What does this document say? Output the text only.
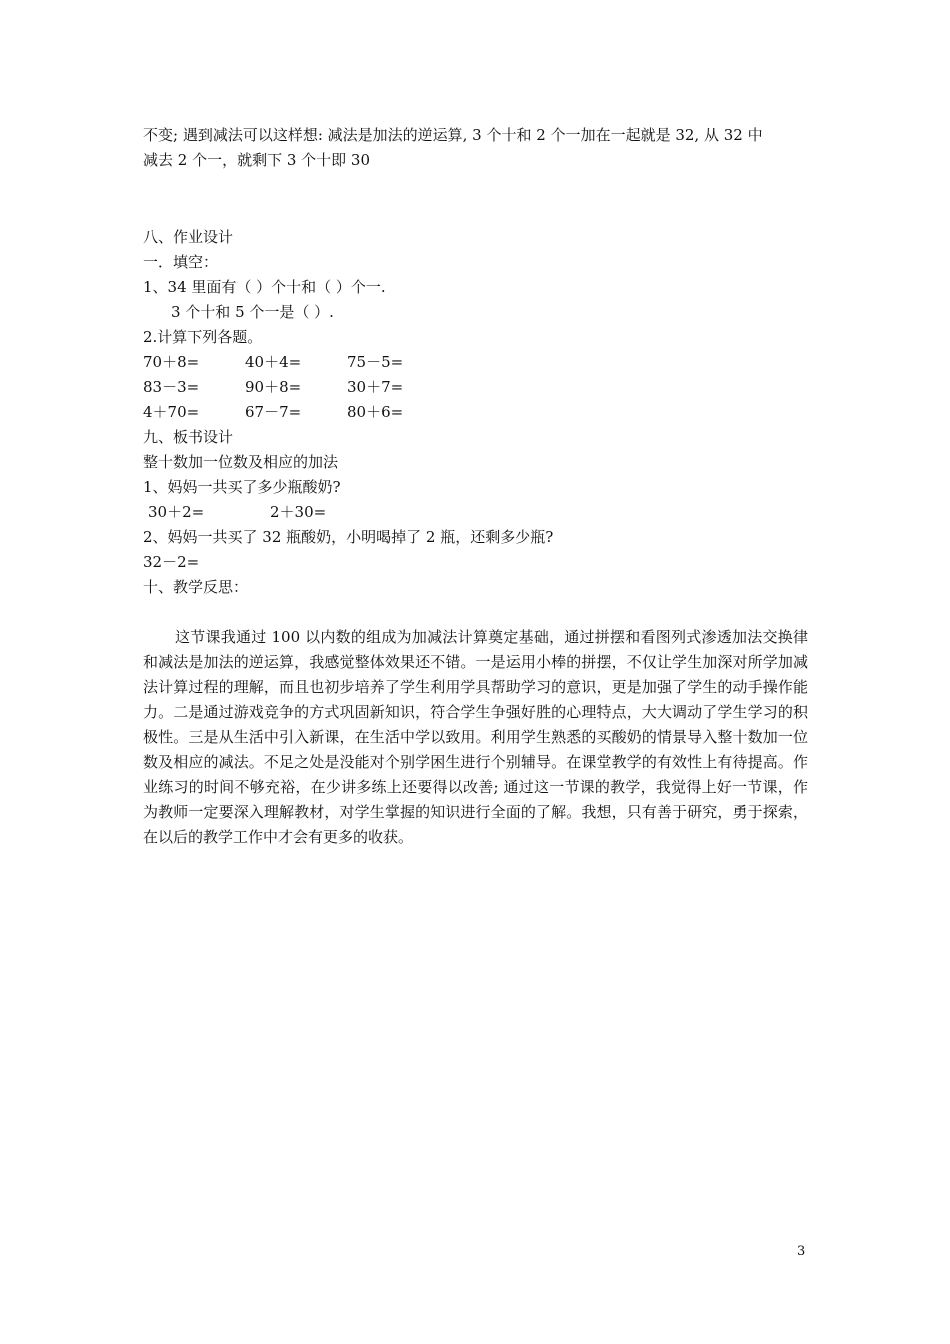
不变; 遇到减法可以这样想: 减法是加法的逆运算, 3 个十和 2 个一加在一起就是 32, 从 32 中
减去 2 个一，就剩下 3 个十即 30
八、作业设计
一．填空：
1、34 里面有（ ）个十和（ ）个一.
3 个十和 5 个一是（ ）.
2.计算下列各题。
70＋8=	40＋4=	75－5=
83－3=	90＋8=	30＋7=
4＋70=	67－7=	80＋6=
九、板书设计
整十数加一位数及相应的加法
1、妈妈一共买了多少瓶酸奶?
30＋2=	2＋30=
2、妈妈一共买了 32 瓶酸奶，小明喝掉了 2 瓶，还剩多少瓶?
32－2=
十、教学反思：

这节课我通过 100 以内数的组成为加减法计算奠定基础，通过拼摆和看图列式渗透加法交换律和减法是加法的逆运算，我感觉整体效果还不错。一是运用小棒的拼摆，不仅让学生加深对所学加减法计算过程的理解，而且也初步培养了学生利用学具帮助学习的意识，更是加强了学生的动手操作能力。二是通过游戏竞争的方式巩固新知识，符合学生争强好胜的心理特点，大大调动了学生学习的积极性。三是从生活中引入新课，在生活中学以致用。利用学生熟悉的买酸奶的情景导入整十数加一位数及相应的减法。不足之处是没能对个别学困生进行个别辅导。在课堂教学的有效性上有待提高。作业练习的时间不够充裕，在少讲多练上还要得以改善; 通过这一节课的教学，我觉得上好一节课，作为教师一定要深入理解教材，对学生掌握的知识进行全面的了解。我想，只有善于研究，勇于探索，在以后的教学工作中才会有更多的收获。

3
